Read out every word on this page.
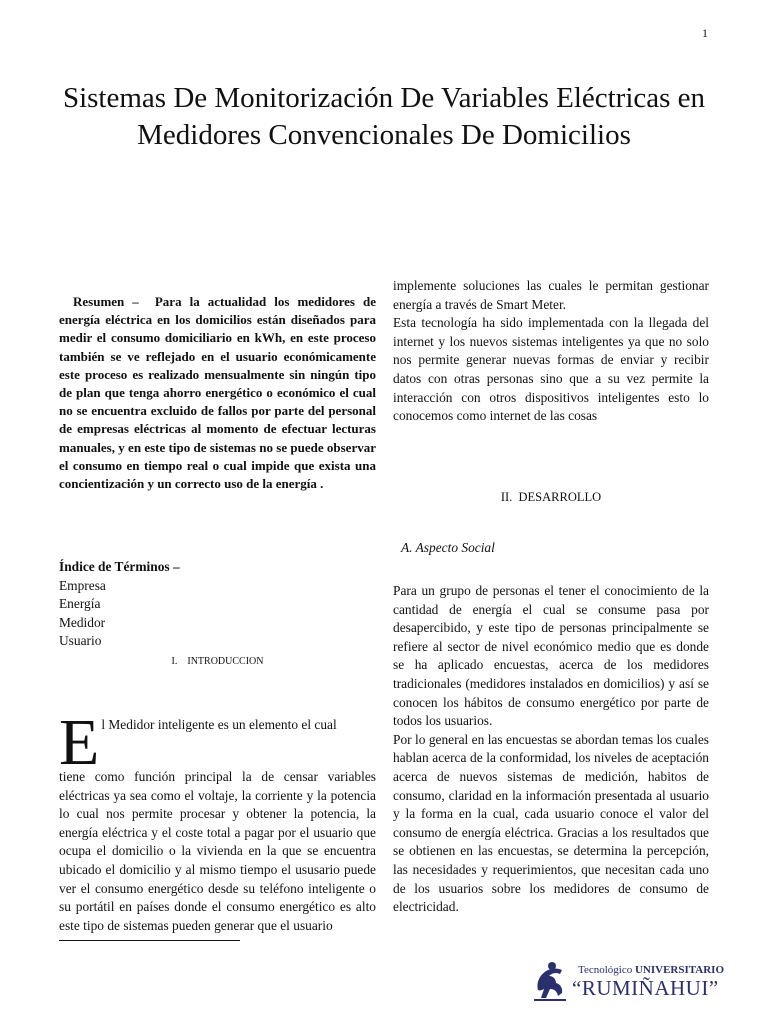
1
Sistemas De Monitorización De Variables Eléctricas en Medidores Convencionales De Domicilios
Resumen – Para la actualidad los medidores de energía eléctrica en los domicilios están diseñados para medir el consumo domiciliario en kWh, en este proceso también se ve reflejado en el usuario económicamente este proceso es realizado mensualmente sin ningún tipo de plan que tenga ahorro energético o económico el cual no se encuentra excluido de fallos por parte del personal de empresas eléctricas al momento de efectuar lecturas manuales, y en este tipo de sistemas no se puede observar el consumo en tiempo real o cual impide que exista una concientización y un correcto uso de la energía .
Índice de Términos –
Empresa
Energía
Medidor
Usuario
I. INTRODUCCION
E l Medidor inteligente es un elemento el cual
tiene como función principal la de censar variables eléctricas ya sea como el voltaje, la corriente y la potencia lo cual nos permite procesar y obtener la potencia, la energía eléctrica y el coste total a pagar por el usuario que ocupa el domicilio o la vivienda en la que se encuentra ubicado el domicilio y al mismo tiempo el ususario puede ver el consumo energético desde su teléfono inteligente o su portátil en países donde el consumo energético es alto este tipo de sistemas pueden generar que el usuario

implemente soluciones las cuales le permitan gestionar energía a través de Smart Meter.

Esta tecnología ha sido implementada con la llegada del internet y los nuevos sistemas inteligentes ya que no solo nos permite generar nuevas formas de enviar y recibir datos con otras personas sino que a su vez permite la interacción con otros dispositivos inteligentes esto lo conocemos como internet de las cosas

II. DESARROLLO
A. Aspecto Social

Para un grupo de personas el tener el conocimiento de la cantidad de energía el cual se consume pasa por desapercibido, y este tipo de personas principalmente se refiere al sector de nivel económico medio que es donde se ha aplicado encuestas, acerca de los medidores tradicionales (medidores instalados en domicilios) y así se conocen los hábitos de consumo energético por parte de todos los usuarios.

Por lo general en las encuestas se abordan temas los cuales hablan acerca de la conformidad, los niveles de aceptación acerca de nuevos sistemas de medición, habitos de consumo, claridad en la información presentada al usuario y la forma en la cual, cada usuario conoce el valor del consumo de energía eléctrica. Gracias a los resultados que se obtienen en las encuestas, se determina la percepción, las necesidades y requerimientos, que necesitan cada uno de los usuarios sobre los medidores de consumo de electricidad.

Tecnológico UNIVERSITARIO
“RUMIÑAHUI”
